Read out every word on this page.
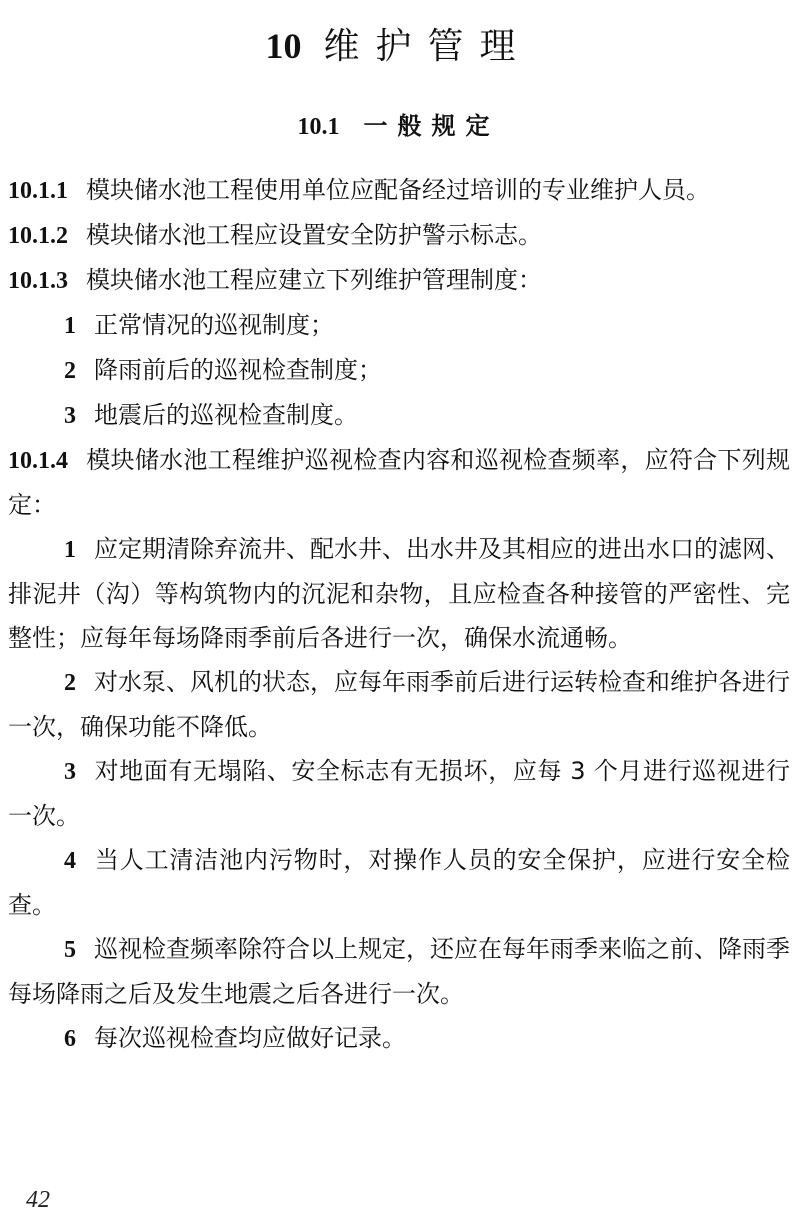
10 维护管理
10.1 一般规定

10.1.1 模块储水池工程使用单位应配备经过培训的专业维护人员。

10.1.2 模块储水池工程应设置安全防护警示标志。

10.1.3 模块储水池工程应建立下列维护管理制度：

1 正常情况的巡视制度；

2 降雨前后的巡视检查制度；

3 地震后的巡视检查制度。

10.1.4 模块储水池工程维护巡视检查内容和巡视检查频率，应符合下列规定：

1 应定期清除弃流井、配水井、出水井及其相应的进出水口的滤网、排泥井（沟）等构筑物内的沉泥和杂物，且应检查各种接管的严密性、完整性；应每年每场降雨季前后各进行一次，确保水流通畅。

2 对水泵、风机的状态，应每年雨季前后进行运转检查和维护各进行一次，确保功能不降低。

3 对地面有无塌陷、安全标志有无损坏，应每 3 个月进行巡视进行一次。

4 当人工清洁池内污物时，对操作人员的安全保护，应进行安全检查。

5 巡视检查频率除符合以上规定，还应在每年雨季来临之前、降雨季每场降雨之后及发生地震之后各进行一次。

6 每次巡视检查均应做好记录。

42
